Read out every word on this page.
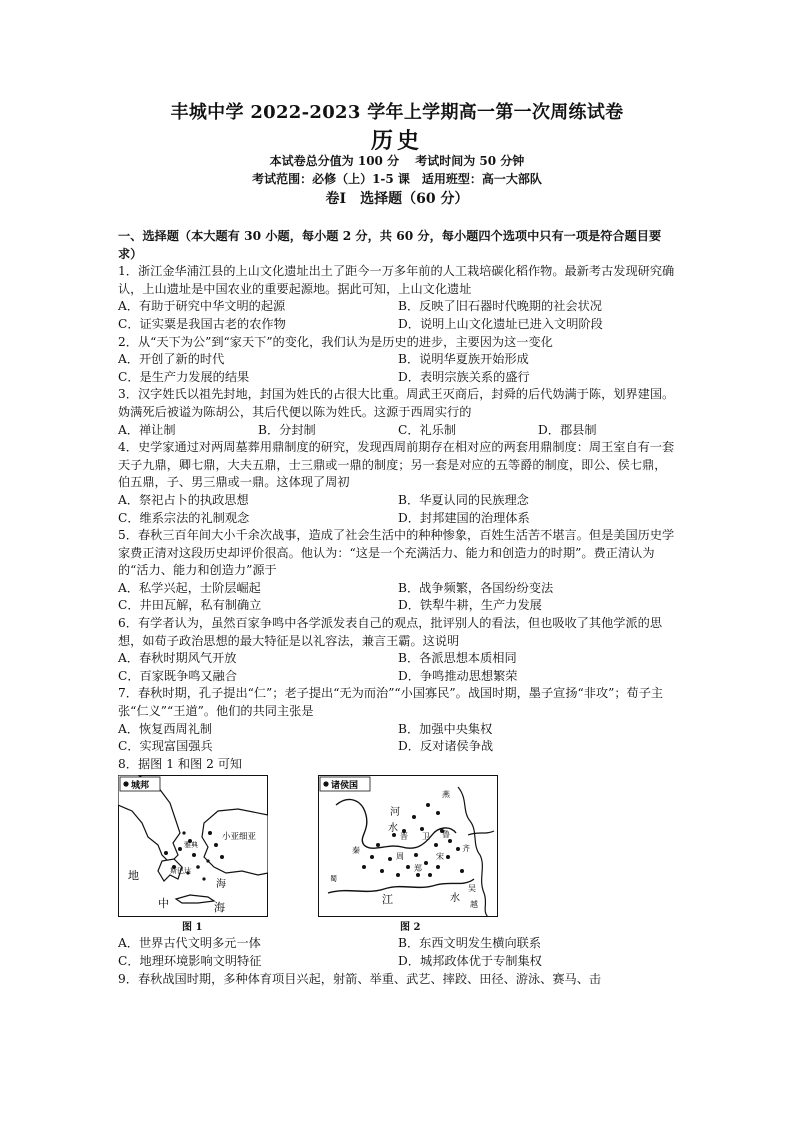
丰城中学 2022-2023 学年上学期高一第一次周练试卷
历史
本试卷总分值为 100 分　 考试时间为 50 分钟
考试范围：必修（上）1-5 课　适用班型：高一大部队
卷Ⅰ　选择题（60 分）

一、选择题（本大题有 30 小题，每小题 2 分，共 60 分，每小题四个选项中只有一项是符合题目要求）

1．浙江金华浦江县的上山文化遗址出土了距今一万多年前的人工栽培碳化稻作物。最新考古发现研究确认，上山遗址是中国农业的重要起源地。据此可知，上山文化遗址

A．有助于研究中华文明的起源	B．反映了旧石器时代晚期的社会状况
C．证实粟是我国古老的农作物	D．说明上山文化遗址已进入文明阶段

2．从“天下为公”到“家天下”的变化，我们认为是历史的进步，主要因为这一变化

A．开创了新的时代	B．说明华夏族开始形成
C．是生产力发展的结果	D．表明宗族关系的盛行

3．汉字姓氏以祖先封地，封国为姓氏的占很大比重。周武王灭商后，封舜的后代妫满于陈，划界建国。妫满死后被谥为陈胡公，其后代便以陈为姓氏。这源于西周实行的

A．禅让制	B．分封制	C．礼乐制	D．郡县制

4．史学家通过对两周墓葬用鼎制度的研究，发现西周前期存在相对应的两套用鼎制度：周王室自有一套天子九鼎，卿七鼎，大夫五鼎，士三鼎或一鼎的制度；另一套是对应的五等爵的制度，即公、侯七鼎，伯五鼎，子、男三鼎或一鼎。这体现了周初

A．祭祀占卜的执政思想	B．华夏认同的民族理念
C．维系宗法的礼制观念	D．封邦建国的治理体系

5．春秋三百年间大小千余次战事，造成了社会生活中的种种惨象，百姓生活苦不堪言。但是美国历史学家费正清对这段历史却评价很高。他认为：“这是一个充满活力、能力和创造力的时期”。费正清认为的“活力、能力和创造力”源于

A．私学兴起，士阶层崛起	B．战争频繁，各国纷纷变法
C．井田瓦解，私有制确立	D．铁犁牛耕，生产力发展

6．有学者认为，虽然百家争鸣中各学派发表自己的观点，批评别人的看法，但也吸收了其他学派的思想，如荀子政治思想的最大特征是以礼容法，兼言王霸。这说明

A．春秋时期风气开放	B．各派思想本质相同
C．百家既争鸣又融合	D．争鸣推动思想繁荣

7．春秋时期，孔子提出“仁”；老子提出“无为而治”“小国寡民”。战国时期，墨子宣扬“非攻”；荀子主张“仁义”“王道”。他们的共同主张是

A．恢复西周礼制	B．加强中央集权
C．实现富国强兵	D．反对诸侯争战

8．据图 1 和图 2 可知

城邦
小亚细亚
雅典
斯巴达
海
地
中	海
图 1
诸侯国
燕
河
晋 卫 鲁
秦
水
周	宋
郑
齐
蜀
江
吴
水
越
图 2
A．世界古代文明多元一体	B．东西文明发生横向联系
C．地理环境影响文明特征	D．城邦政体优于专制集权

9．春秋战国时期，多种体育项目兴起，射箭、举重、武艺、摔跤、田径、游泳、赛马、击
